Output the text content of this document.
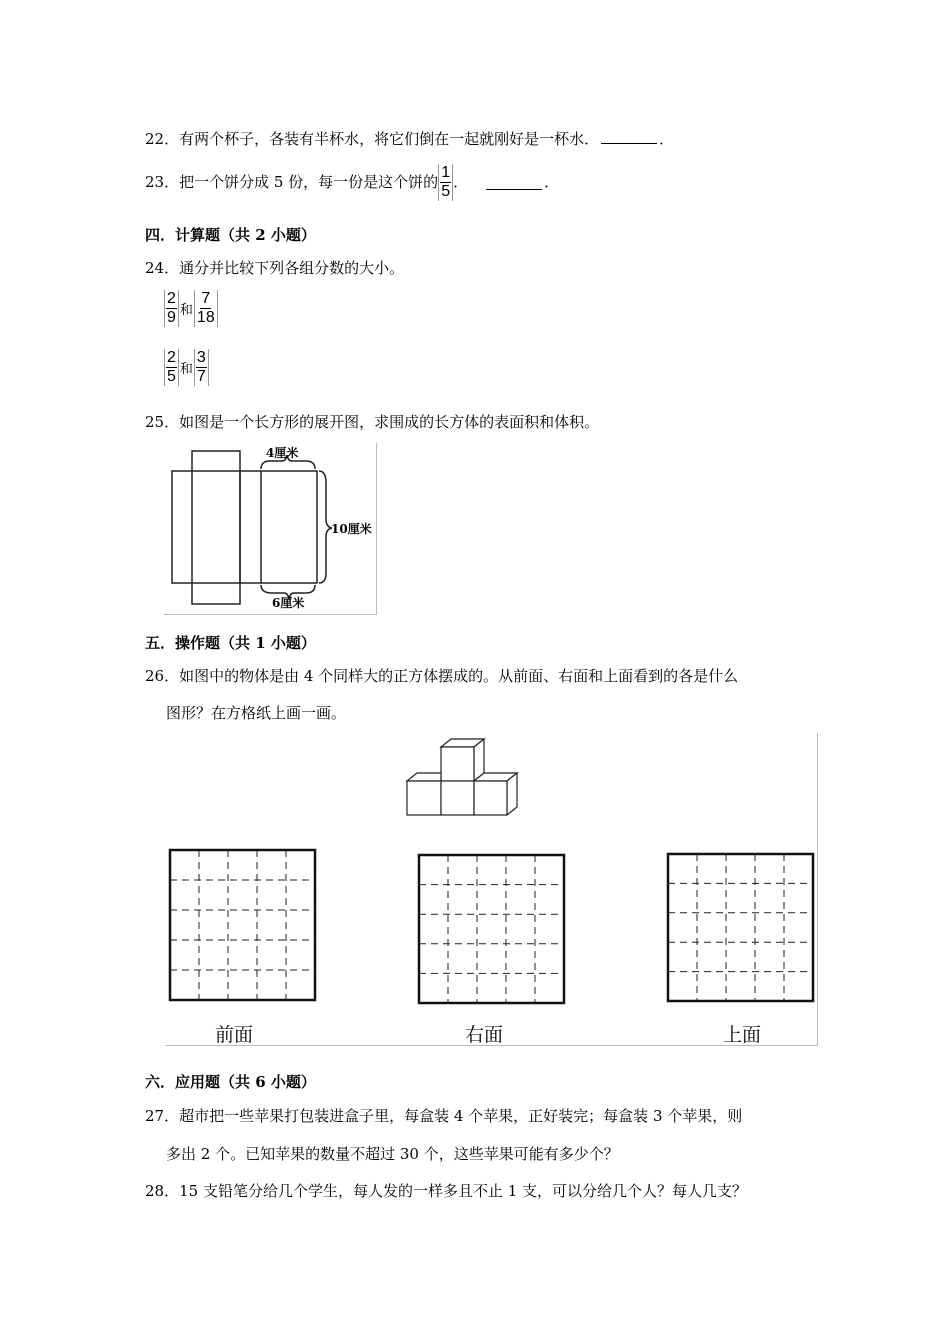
22．有两个杯子，各装有半杯水，将它们倒在一起就刚好是一杯水．	．
23． 把一个饼分成 5 份，每一份是这个饼的 $\frac{1}{5}$ ．	．
四．计算题（共 2 小题）
24．通分并比较下列各组分数的大小。
$\frac{2}{9}$ 和 $\frac{7}{18}$
$\frac{2}{5}$ 和 $\frac{3}{7}$
25．如图是一个长方形的展开图，求围成的长方体的表面积和体积。
4厘米
10厘米
6厘米
五．操作题（共 1 小题）
26．如图中的物体是由 4 个同样大的正方体摆成的。从前面、右面和上面看到的各是什么
图形？在方格纸上画一画。
前面	右面	上面
六．应用题（共 6 小题）
27．超市把一些苹果打包装进盒子里，每盒装 4 个苹果，正好装完；每盒装 3 个苹果，则
多出 2 个。已知苹果的数量不超过 30 个，这些苹果可能有多少个？
28．15 支铅笔分给几个学生，每人发的一样多且不止 1 支，可以分给几个人？每人几支？
